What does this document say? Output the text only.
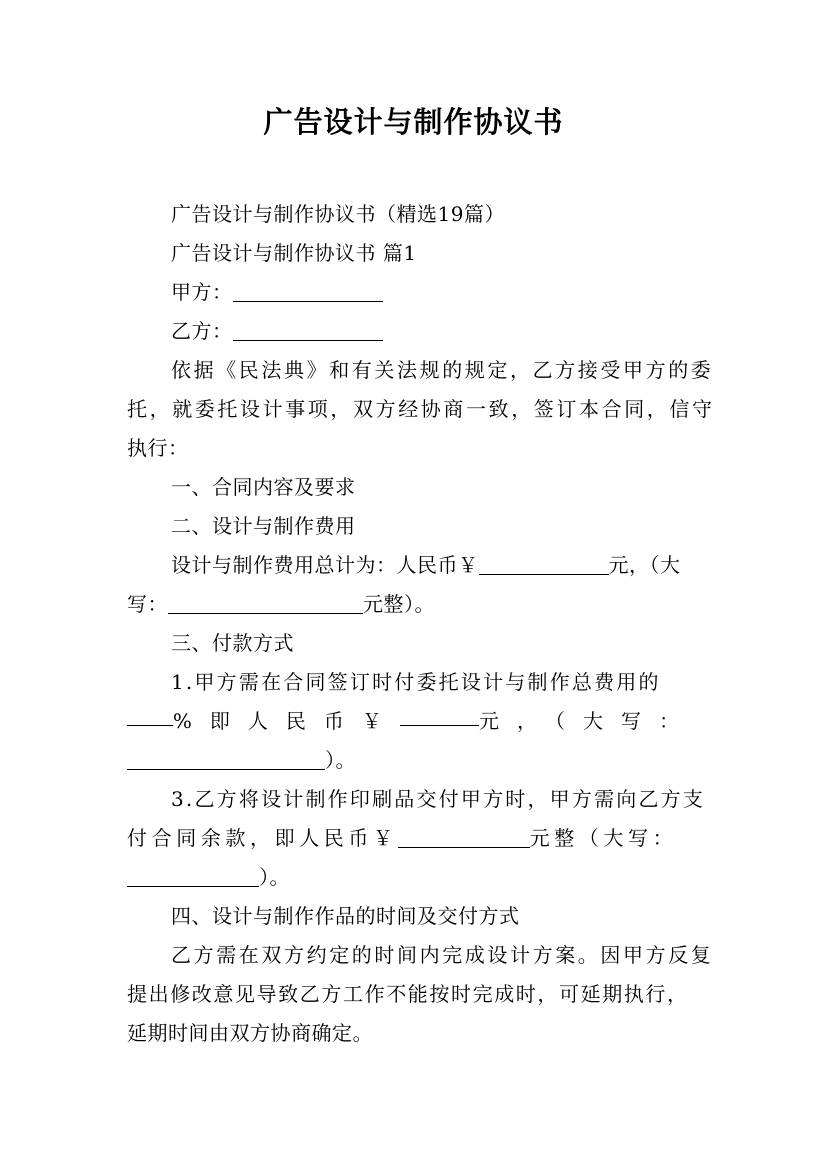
广告设计与制作协议书
广告设计与制作协议书（精选19篇）
广告设计与制作协议书 篇1
甲方：
乙方：
依据《民法典》和有关法规的规定，乙方接受甲方的委
托，就委托设计事项，双方经协商一致，签订本合同，信守
执行：
一、合同内容及要求
二、设计与制作费用
设计与制作费用总计为：人民币￥	元，（大
写：	元整）。
三、付款方式
1.甲方需在合同签订时付委托设计与制作总费用的
%即人民币￥	元，（大写：
）。
3.乙方将设计制作印刷品交付甲方时，甲方需向乙方支
付合同余款，即人民币￥	元整（大写：
）。
四、设计与制作作品的时间及交付方式
乙方需在双方约定的时间内完成设计方案。因甲方反复
提出修改意见导致乙方工作不能按时完成时，可延期执行，
延期时间由双方协商确定。
